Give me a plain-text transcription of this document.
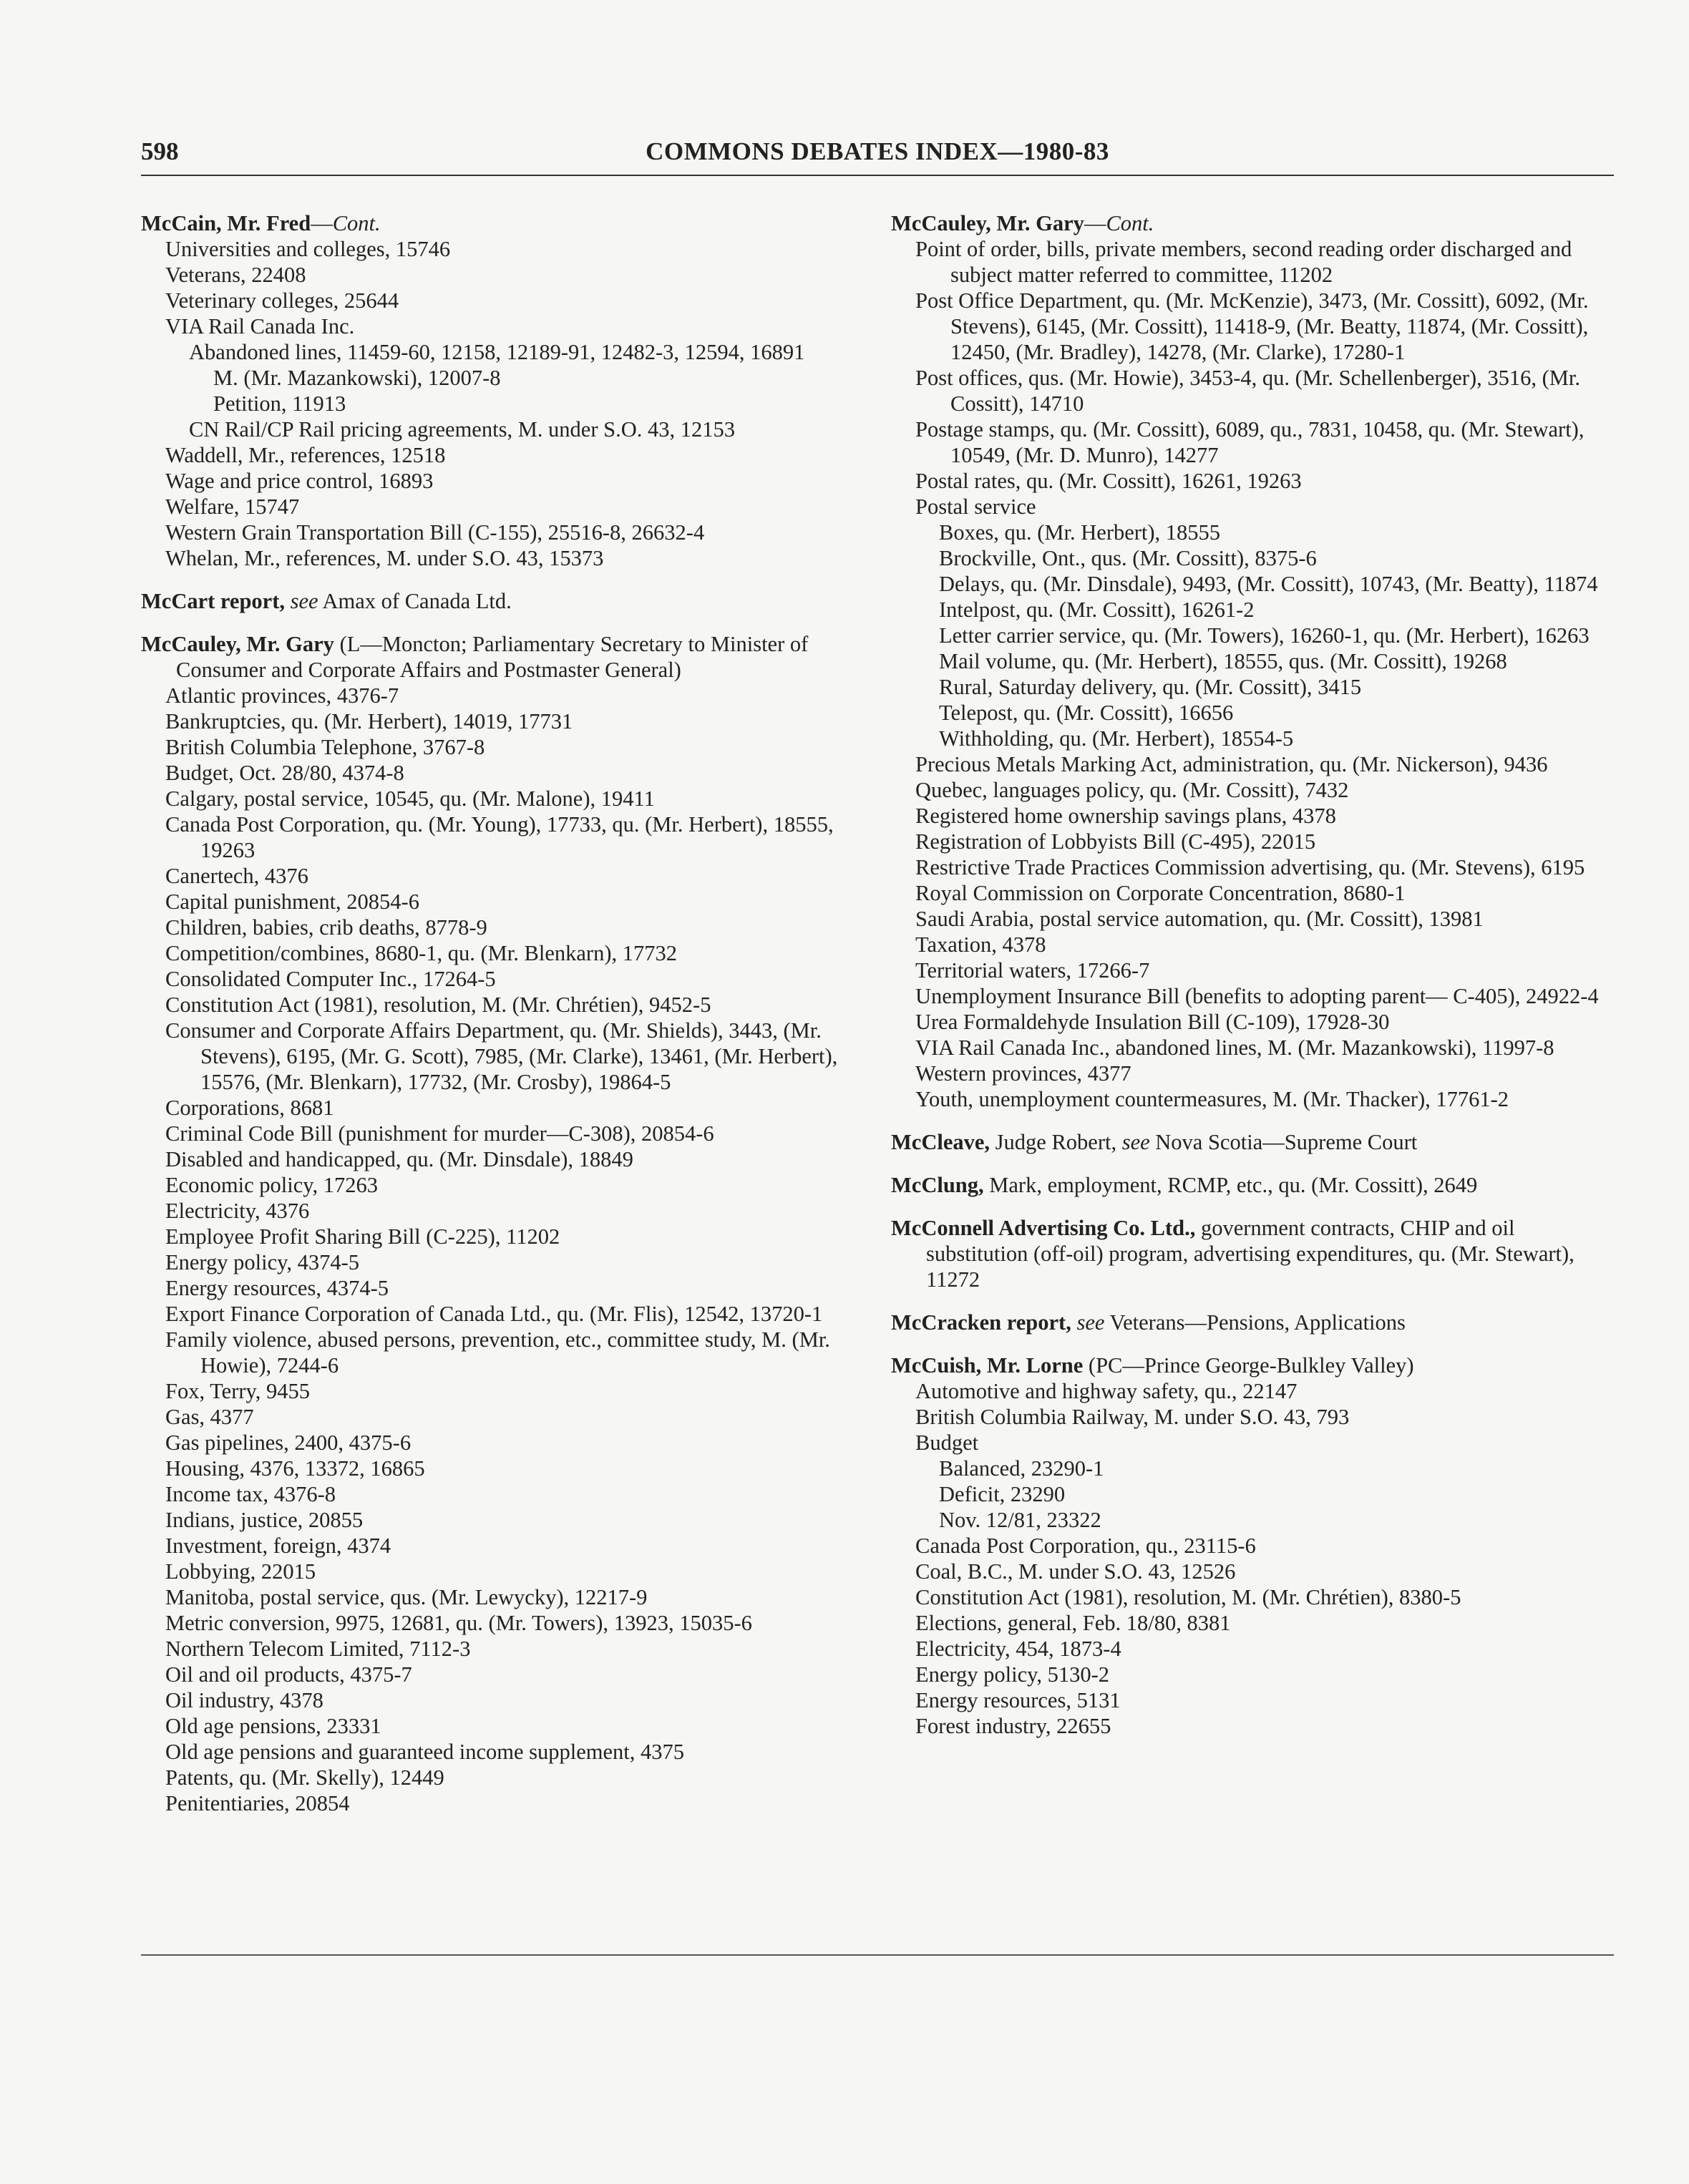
598	COMMONS DEBATES INDEX—1980-83
McCain, Mr. Fred—Cont.
Universities and colleges, 15746
Veterans, 22408
Veterinary colleges, 25644
VIA Rail Canada Inc.
Abandoned lines, 11459-60, 12158, 12189-91, 12482-3, 12594, 16891
M. (Mr. Mazankowski), 12007-8
Petition, 11913
CN Rail/CP Rail pricing agreements, M. under S.O. 43, 12153
Waddell, Mr., references, 12518
Wage and price control, 16893
Welfare, 15747
Western Grain Transportation Bill (C-155), 25516-8, 26632-4
Whelan, Mr., references, M. under S.O. 43, 15373
McCart report, see Amax of Canada Ltd.
McCauley, Mr. Gary (L—Moncton; Parliamentary Secretary to Minister of Consumer and Corporate Affairs and Postmaster General)
Atlantic provinces, 4376-7
Bankruptcies, qu. (Mr. Herbert), 14019, 17731
British Columbia Telephone, 3767-8
Budget, Oct. 28/80, 4374-8
Calgary, postal service, 10545, qu. (Mr. Malone), 19411
Canada Post Corporation, qu. (Mr. Young), 17733, qu. (Mr. Herbert), 18555, 19263
Canertech, 4376
Capital punishment, 20854-6
Children, babies, crib deaths, 8778-9
Competition/combines, 8680-1, qu. (Mr. Blenkarn), 17732
Consolidated Computer Inc., 17264-5
Constitution Act (1981), resolution, M. (Mr. Chrétien), 9452-5
Consumer and Corporate Affairs Department, qu. (Mr. Shields), 3443, (Mr. Stevens), 6195, (Mr. G. Scott), 7985, (Mr. Clarke), 13461, (Mr. Herbert), 15576, (Mr. Blenkarn), 17732, (Mr. Crosby), 19864-5
Corporations, 8681
Criminal Code Bill (punishment for murder—C-308), 20854-6
Disabled and handicapped, qu. (Mr. Dinsdale), 18849
Economic policy, 17263
Electricity, 4376
Employee Profit Sharing Bill (C-225), 11202
Energy policy, 4374-5
Energy resources, 4374-5
Export Finance Corporation of Canada Ltd., qu. (Mr. Flis), 12542, 13720-1
Family violence, abused persons, prevention, etc., committee study, M. (Mr. Howie), 7244-6
Fox, Terry, 9455
Gas, 4377
Gas pipelines, 2400, 4375-6
Housing, 4376, 13372, 16865
Income tax, 4376-8
Indians, justice, 20855
Investment, foreign, 4374
Lobbying, 22015
Manitoba, postal service, qus. (Mr. Lewycky), 12217-9
Metric conversion, 9975, 12681, qu. (Mr. Towers), 13923, 15035-6
Northern Telecom Limited, 7112-3
Oil and oil products, 4375-7
Oil industry, 4378
Old age pensions, 23331
Old age pensions and guaranteed income supplement, 4375
Patents, qu. (Mr. Skelly), 12449
Penitentiaries, 20854
McCauley, Mr. Gary—Cont.
Point of order, bills, private members, second reading order discharged and subject matter referred to committee, 11202
Post Office Department, qu. (Mr. McKenzie), 3473, (Mr. Cossitt), 6092, (Mr. Stevens), 6145, (Mr. Cossitt), 11418-9, (Mr. Beatty, 11874, (Mr. Cossitt), 12450, (Mr. Bradley), 14278, (Mr. Clarke), 17280-1
Post offices, qus. (Mr. Howie), 3453-4, qu. (Mr. Schellenberger), 3516, (Mr. Cossitt), 14710
Postage stamps, qu. (Mr. Cossitt), 6089, qu., 7831, 10458, qu. (Mr. Stewart), 10549, (Mr. D. Munro), 14277
Postal rates, qu. (Mr. Cossitt), 16261, 19263
Postal service
Boxes, qu. (Mr. Herbert), 18555
Brockville, Ont., qus. (Mr. Cossitt), 8375-6
Delays, qu. (Mr. Dinsdale), 9493, (Mr. Cossitt), 10743, (Mr. Beatty), 11874
Intelpost, qu. (Mr. Cossitt), 16261-2
Letter carrier service, qu. (Mr. Towers), 16260-1, qu. (Mr. Herbert), 16263
Mail volume, qu. (Mr. Herbert), 18555, qus. (Mr. Cossitt), 19268
Rural, Saturday delivery, qu. (Mr. Cossitt), 3415
Telepost, qu. (Mr. Cossitt), 16656
Withholding, qu. (Mr. Herbert), 18554-5
Precious Metals Marking Act, administration, qu. (Mr. Nickerson), 9436
Quebec, languages policy, qu. (Mr. Cossitt), 7432
Registered home ownership savings plans, 4378
Registration of Lobbyists Bill (C-495), 22015
Restrictive Trade Practices Commission advertising, qu. (Mr. Stevens), 6195
Royal Commission on Corporate Concentration, 8680-1
Saudi Arabia, postal service automation, qu. (Mr. Cossitt), 13981
Taxation, 4378
Territorial waters, 17266-7
Unemployment Insurance Bill (benefits to adopting parent— C-405), 24922-4
Urea Formaldehyde Insulation Bill (C-109), 17928-30
VIA Rail Canada Inc., abandoned lines, M. (Mr. Mazankowski), 11997-8
Western provinces, 4377
Youth, unemployment countermeasures, M. (Mr. Thacker), 17761-2
McCleave, Judge Robert, see Nova Scotia—Supreme Court
McClung, Mark, employment, RCMP, etc., qu. (Mr. Cossitt), 2649
McConnell Advertising Co. Ltd., government contracts, CHIP and oil substitution (off-oil) program, advertising expenditures, qu. (Mr. Stewart), 11272
McCracken report, see Veterans—Pensions, Applications
McCuish, Mr. Lorne (PC—Prince George-Bulkley Valley)
Automotive and highway safety, qu., 22147
British Columbia Railway, M. under S.O. 43, 793
Budget
Balanced, 23290-1
Deficit, 23290
Nov. 12/81, 23322
Canada Post Corporation, qu., 23115-6
Coal, B.C., M. under S.O. 43, 12526
Constitution Act (1981), resolution, M. (Mr. Chrétien), 8380-5
Elections, general, Feb. 18/80, 8381
Electricity, 454, 1873-4
Energy policy, 5130-2
Energy resources, 5131
Forest industry, 22655
